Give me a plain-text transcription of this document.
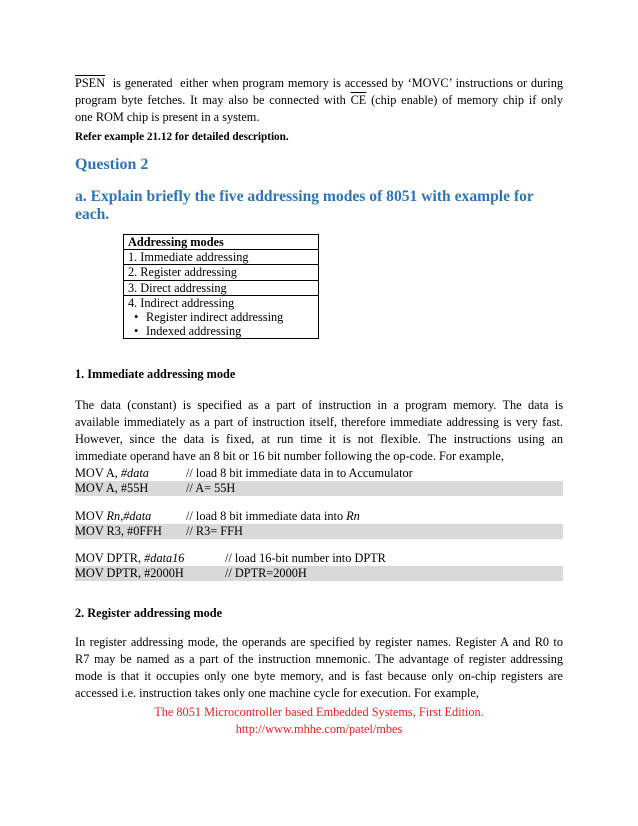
PSEN  is generated  either when program memory is accessed by ‘MOVC’ instructions or during
program byte fetches. It may also be connected with $\overline{CE}$ (chip enable) of memory chip if only
one ROM chip is present in a system.
Refer example 21.12 for detailed description.
Question 2
a. Explain briefly the five addressing modes of 8051 with example for each.
Addressing modes
1. Immediate addressing
2. Register addressing
3. Direct addressing

4. Indirect addressing
• Register indirect addressing
• Indexed addressing
1. Immediate addressing mode
The data (constant) is specified as a part of instruction in a program memory. The data is
available immediately as a part of instruction itself, therefore immediate addressing is very fast.
However, since the data is fixed, at run time it is not flexible. The instructions using an
immediate operand have an 8 bit or 16 bit number following the op-code. For example,
MOV A, #data	// load 8 bit immediate data in to Accumulator
MOV A, #55H	// A= 55H
MOV Rn,#data	// load 8 bit immediate data into Rn
MOV R3, #0FFH // R3= FFH
MOV DPTR, #data16	// load 16-bit number into DPTR
MOV DPTR, #2000H	// DPTR=2000H
2. Register addressing mode
In register addressing mode, the operands are specified by register names. Register A and R0 to
R7 may be named as a part of the instruction mnemonic. The advantage of register addressing
mode is that it occupies only one byte memory, and is fast because only on-chip registers are
accessed i.e. instruction takes only one machine cycle for execution. For example,
The 8051 Microcontroller based Embedded Systems, First Edition.
http://www.mhhe.com/patel/mbes
